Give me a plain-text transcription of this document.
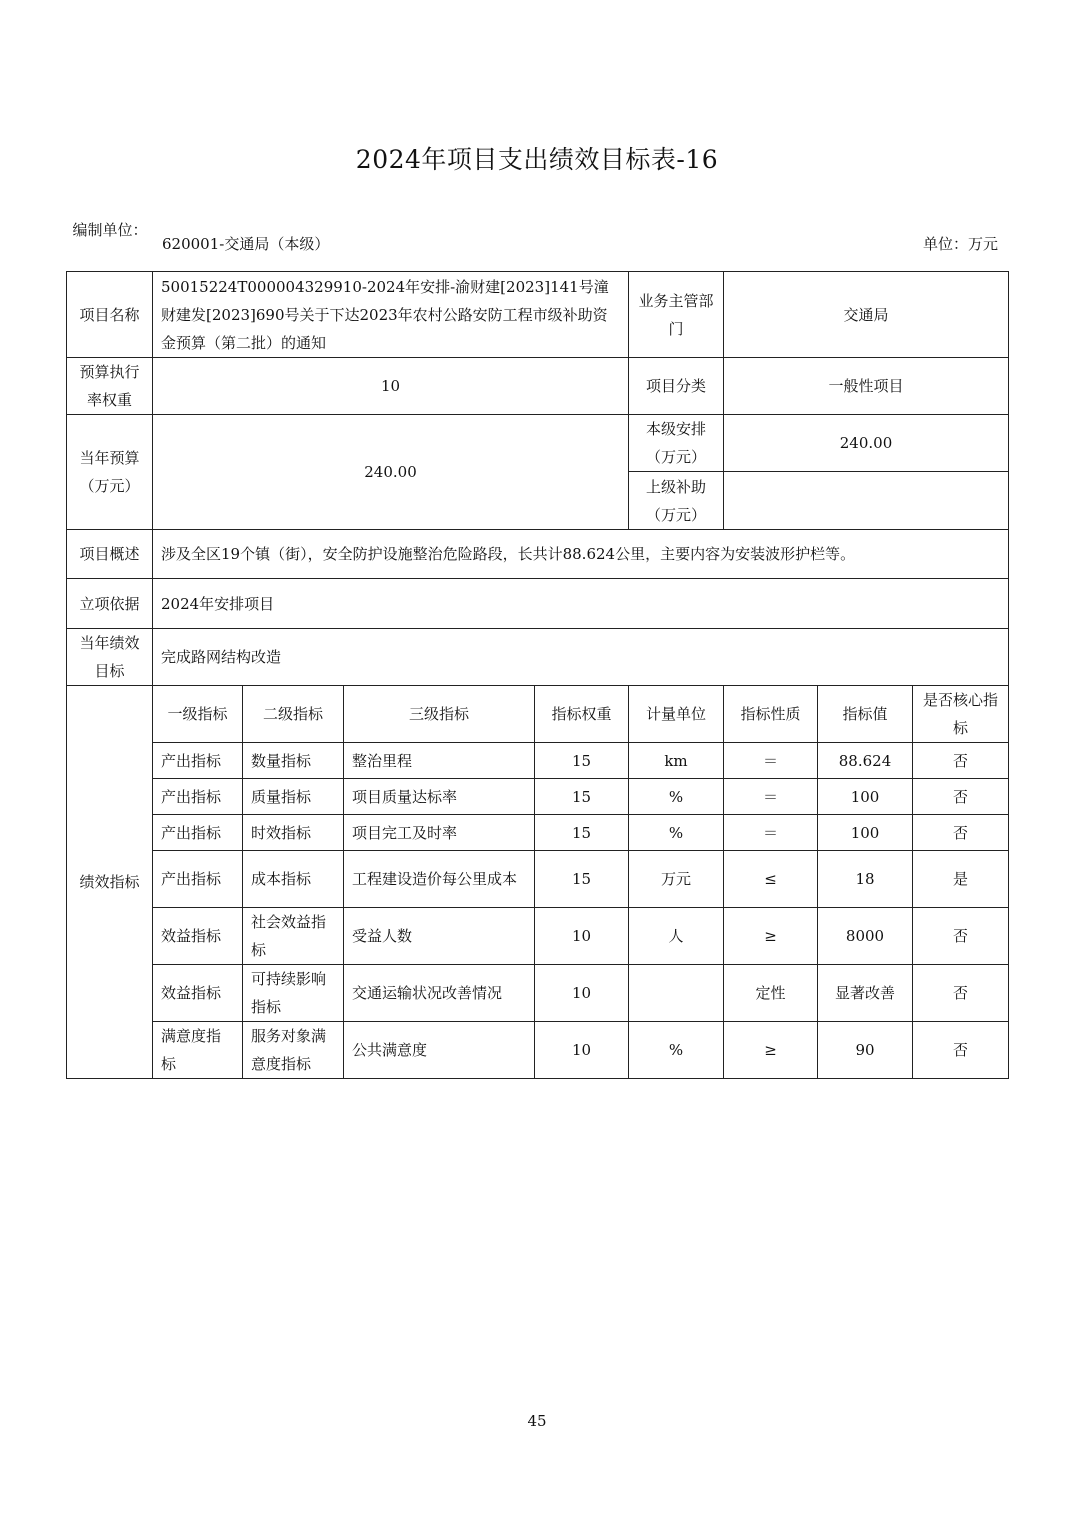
2024年项目支出绩效目标表-16
编制单位：
620001-交通局（本级）	单位：万元
项目名称	50015224T000004329910-2024年安排-渝财建[2023]141号潼财建发[2023]690号关于下达2023年农村公路安防工程市级补助资金预算（第二批）的通知				业务主管部门	交通局		
预算执行率权重	10				项目分类	一般性项目		
当年预算（万元）	240.00				本级安排（万元）	240.00		
					上级补助（万元）			
项目概述	涉及全区19个镇（街），安全防护设施整治危险路段，长共计88.624公里，主要内容为安装波形护栏等。							
立项依据	2024年安排项目							
当年绩效目标	完成路网结构改造							
绩效指标	一级指标	二级指标	三级指标	指标权重	计量单位	指标性质	指标值	是否核心指标
	产出指标	数量指标	整治里程	15	km	＝	88.624	否
	产出指标	质量指标	项目质量达标率	15	%	＝	100	否
	产出指标	时效指标	项目完工及时率	15	%	＝	100	否
	产出指标	成本指标	工程建设造价每公里成本	15	万元	≤	18	是
	效益指标	社会效益指标	受益人数	10	人	≥	8000	否
	效益指标	可持续影响指标	交通运输状况改善情况	10		定性	显著改善	否
	满意度指标	服务对象满意度指标	公共满意度	10	%	≥	90	否
45
